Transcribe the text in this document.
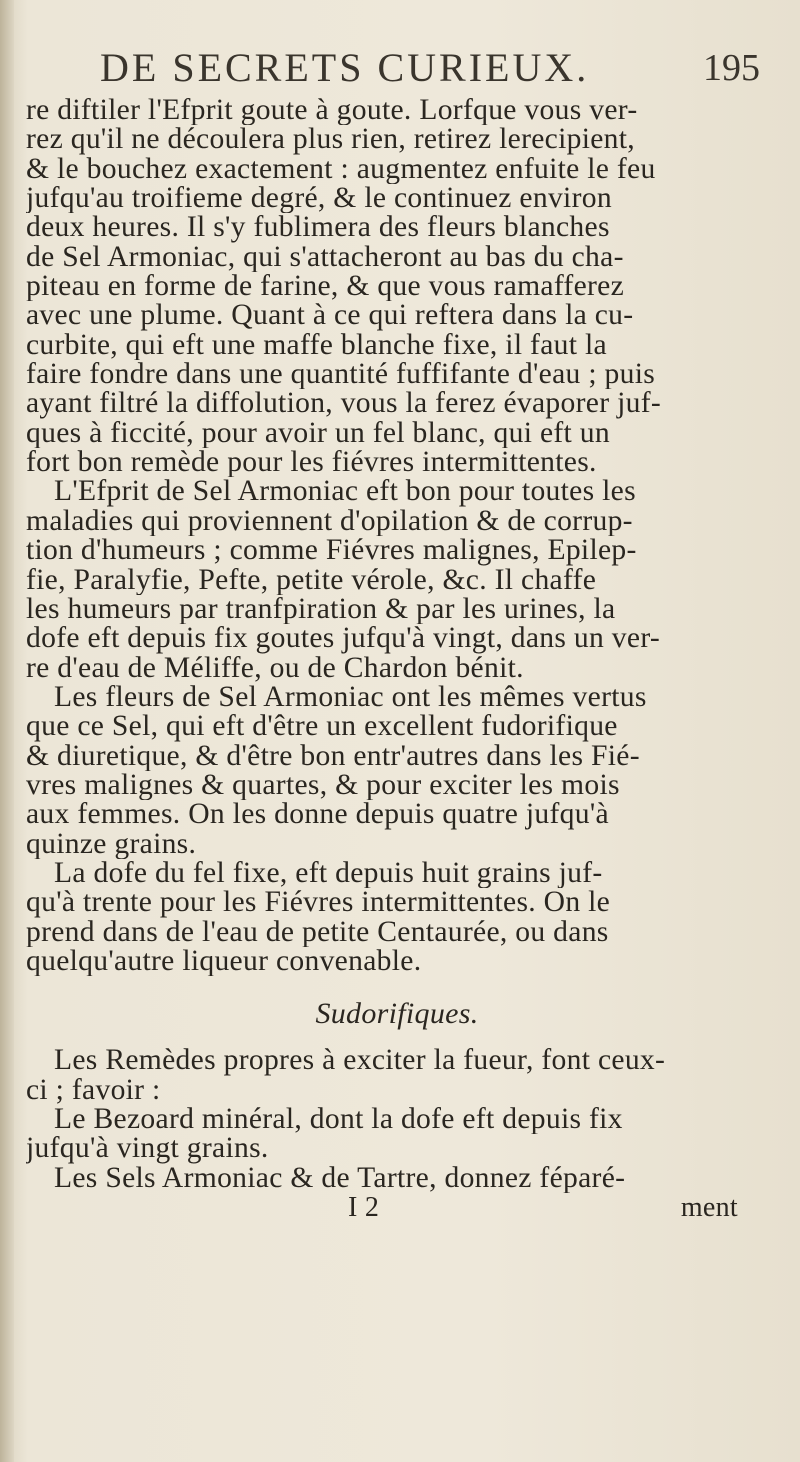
DE SECRETS CURIEUX.	195
re diftiler l'Efprit goute à goute. Lorfque vous ver-
rez qu'il ne découlera plus rien, retirez lerecipient,
& le bouchez exactement : augmentez enfuite le feu
jufqu'au troifieme degré, & le continuez environ
deux heures. Il s'y fublimera des fleurs blanches
de Sel Armoniac, qui s'attacheront au bas du cha-
piteau en forme de farine, & que vous ramafferez
avec une plume. Quant à ce qui reftera dans la cu-
curbite, qui eft une maffe blanche fixe, il faut la
faire fondre dans une quantité fuffifante d'eau ; puis
ayant filtré la diffolution, vous la ferez évaporer juf-
ques à ficcité, pour avoir un fel blanc, qui eft un
fort bon remède pour les fiévres intermittentes.
L'Efprit de Sel Armoniac eft bon pour toutes les
maladies qui proviennent d'opilation & de corrup-
tion d'humeurs ; comme Fiévres malignes, Epilep-
fie, Paralyfie, Pefte, petite vérole, &c. Il chaffe
les humeurs par tranfpiration & par les urines, la
dofe eft depuis fix goutes jufqu'à vingt, dans un ver-
re d'eau de Méliffe, ou de Chardon bénit.
Les fleurs de Sel Armoniac ont les mêmes vertus
que ce Sel, qui eft d'être un excellent fudorifique
& diuretique, & d'être bon entr'autres dans les Fié-
vres malignes & quartes, & pour exciter les mois
aux femmes. On les donne depuis quatre jufqu'à
quinze grains.
La dofe du fel fixe, eft depuis huit grains juf-
qu'à trente pour les Fiévres intermittentes. On le
prend dans de l'eau de petite Centaurée, ou dans
quelqu'autre liqueur convenable.
Sudorifiques.
Les Remèdes propres à exciter la fueur, font ceux-
ci ; favoir :
Le Bezoard minéral, dont la dofe eft depuis fix
jufqu'à vingt grains.
Les Sels Armoniac & de Tartre, donnez féparé-
I 2	ment
